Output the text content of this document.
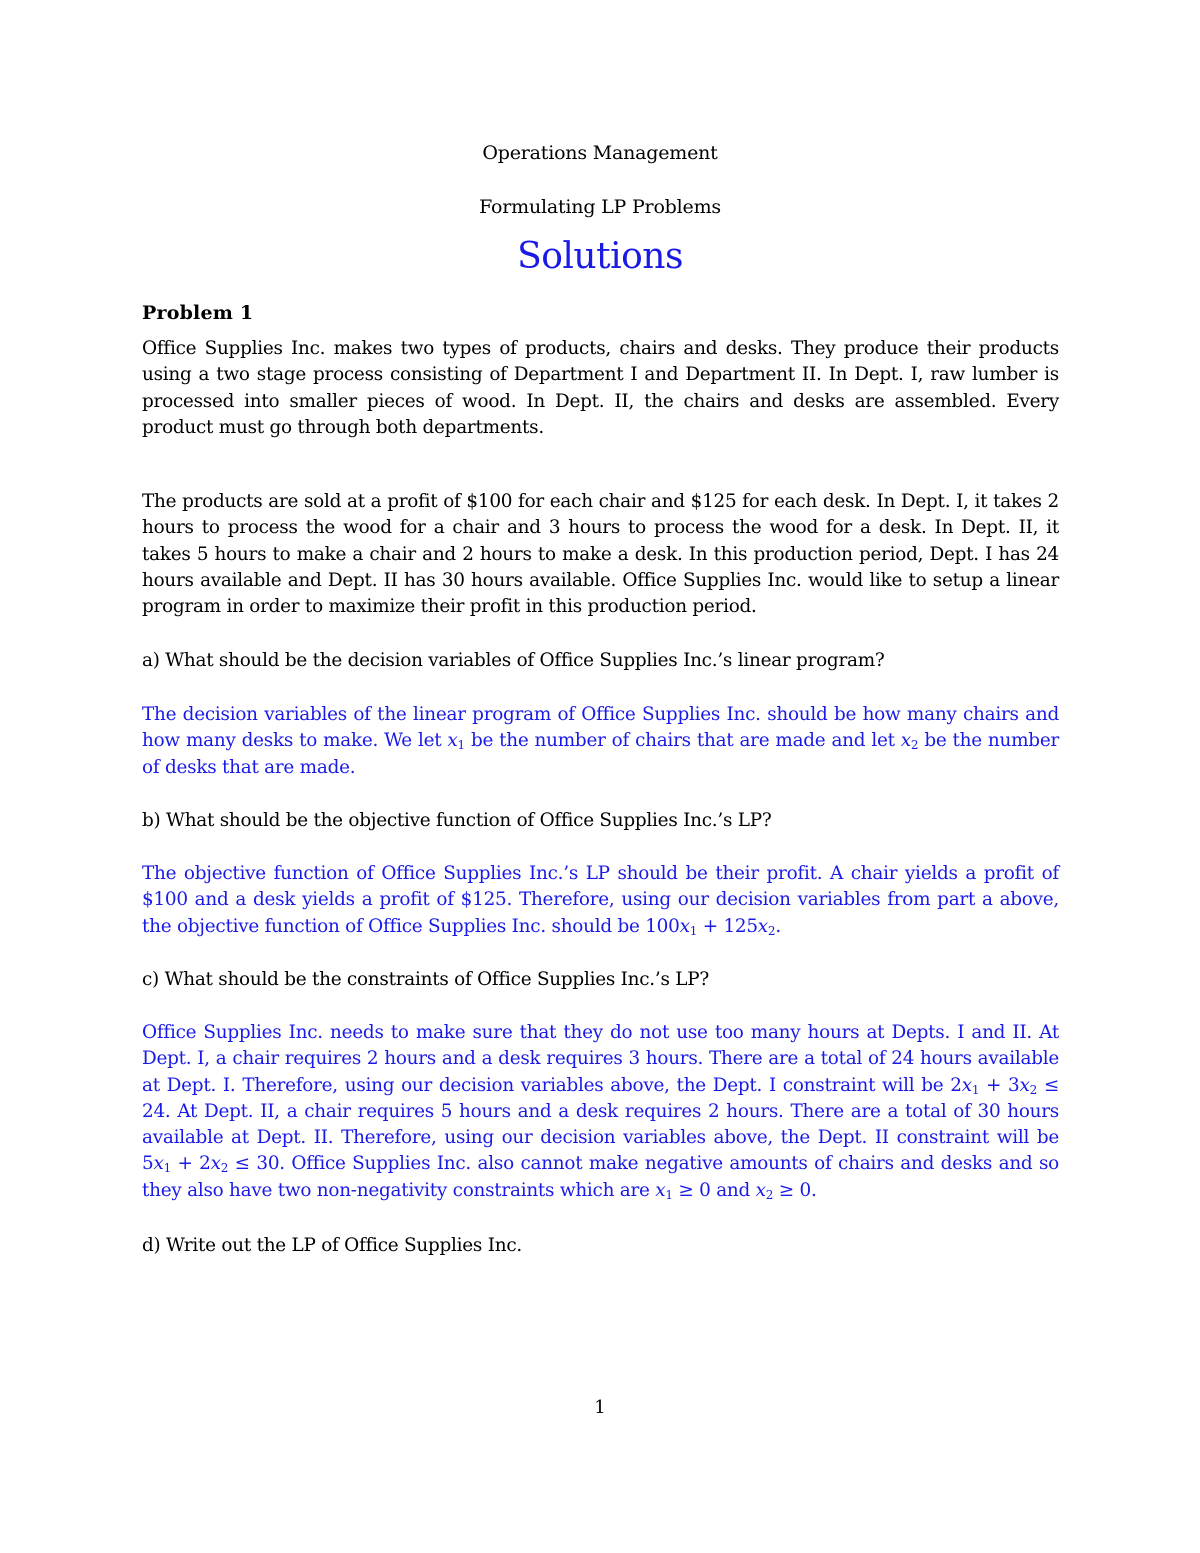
Operations Management
Formulating LP Problems
Solutions
Problem 1

Office Supplies Inc. makes two types of products, chairs and desks. They produce their products using a two stage process consisting of Department I and Department II. In Dept. I, raw lumber is processed into smaller pieces of wood. In Dept. II, the chairs and desks are assembled. Every product must go through both departments.

The products are sold at a profit of $100 for each chair and $125 for each desk. In Dept. I, it takes 2 hours to process the wood for a chair and 3 hours to process the wood for a desk. In Dept. II, it takes 5 hours to make a chair and 2 hours to make a desk. In this production period, Dept. I has 24 hours available and Dept. II has 30 hours available. Office Supplies Inc. would like to setup a linear program in order to maximize their profit in this production period.

a) What should be the decision variables of Office Supplies Inc.’s linear program?

The decision variables of the linear program of Office Supplies Inc. should be how many chairs and how many desks to make. We let $x_1$ be the number of chairs that are made and let $x_2$ be the number of desks that are made.

b) What should be the objective function of Office Supplies Inc.’s LP?

The objective function of Office Supplies Inc.’s LP should be their profit. A chair yields a profit of $100 and a desk yields a profit of $125. Therefore, using our decision variables from part a above, the objective function of Office Supplies Inc. should be $100x_1 + 125x_2$.

c) What should be the constraints of Office Supplies Inc.’s LP?

Office Supplies Inc. needs to make sure that they do not use too many hours at Depts. I and II. At Dept. I, a chair requires 2 hours and a desk requires 3 hours. There are a total of 24 hours available at Dept. I. Therefore, using our decision variables above, the Dept. I constraint will be $2x_1 + 3x_2 \le 24$. At Dept. II, a chair requires 5 hours and a desk requires 2 hours. There are a total of 30 hours available at Dept. II. Therefore, using our decision variables above, the Dept. II constraint will be $5x_1 + 2x_2 \le 30$. Office Supplies Inc. also cannot make negative amounts of chairs and desks and so they also have two non-negativity constraints which are $x_1 \ge 0$ and $x_2 \ge 0$.

d) Write out the LP of Office Supplies Inc.

1
